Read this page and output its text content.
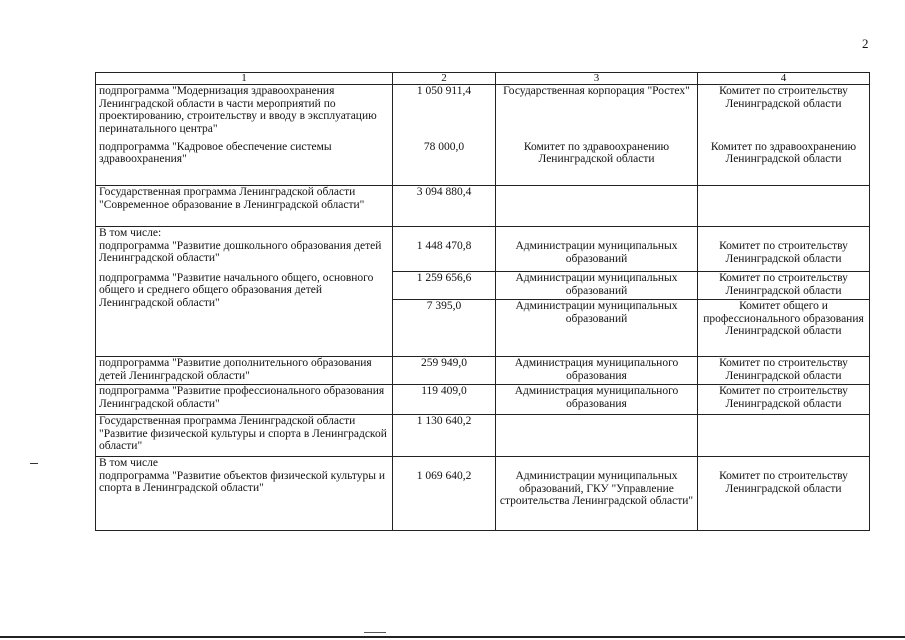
2
1	2	3	4
подпрограмма "Модернизация здравоохранения Ленинградской области в части мероприятий по проектированию, строительству и вводу в эксплуатацию перинатального центра"	1 050 911,4	Государственная корпорация "Ростех"	Комитет по строительству Ленинградской области
подпрограмма "Кадровое обеспечение системы здравоохранения"	78 000,0	Комитет по здравоохранению Ленинградской области	Комитет по здравоохранению Ленинградской области
Государственная программа Ленинградской области "Современное образование в Ленинградской области"	3 094 880,4		

В том числе:
подпрограмма "Развитие дошкольного образования детей Ленинградской области"	1 448 470,8	Администрации муниципальных образований	Комитет по строительству Ленинградской области
подпрограмма "Развитие начального общего, основного общего и среднего общего образования детей Ленинградской области"	1 259 656,6	Администрации муниципальных образований	Комитет по строительству Ленинградской области
	7 395,0	Администрации муниципальных образований	Комитет общего и профессионального образования Ленинградской области
подпрограмма "Развитие дополнительного образования детей Ленинградской области"	259 949,0	Администрация муниципального образования	Комитет по строительству Ленинградской области
подпрограмма "Развитие профессионального образования Ленинградской области"	119 409,0	Администрация муниципального образования	Комитет по строительству Ленинградской области
Государственная программа Ленинградской области "Развитие физической культуры и спорта в Ленинградской области"	1 130 640,2		

В том числе
подпрограмма "Развитие объектов физической культуры и спорта в Ленинградской области"	1 069 640,2	Администрации муниципальных образований, ГКУ "Управление строительства Ленинградской области"	Комитет по строительству Ленинградской области
